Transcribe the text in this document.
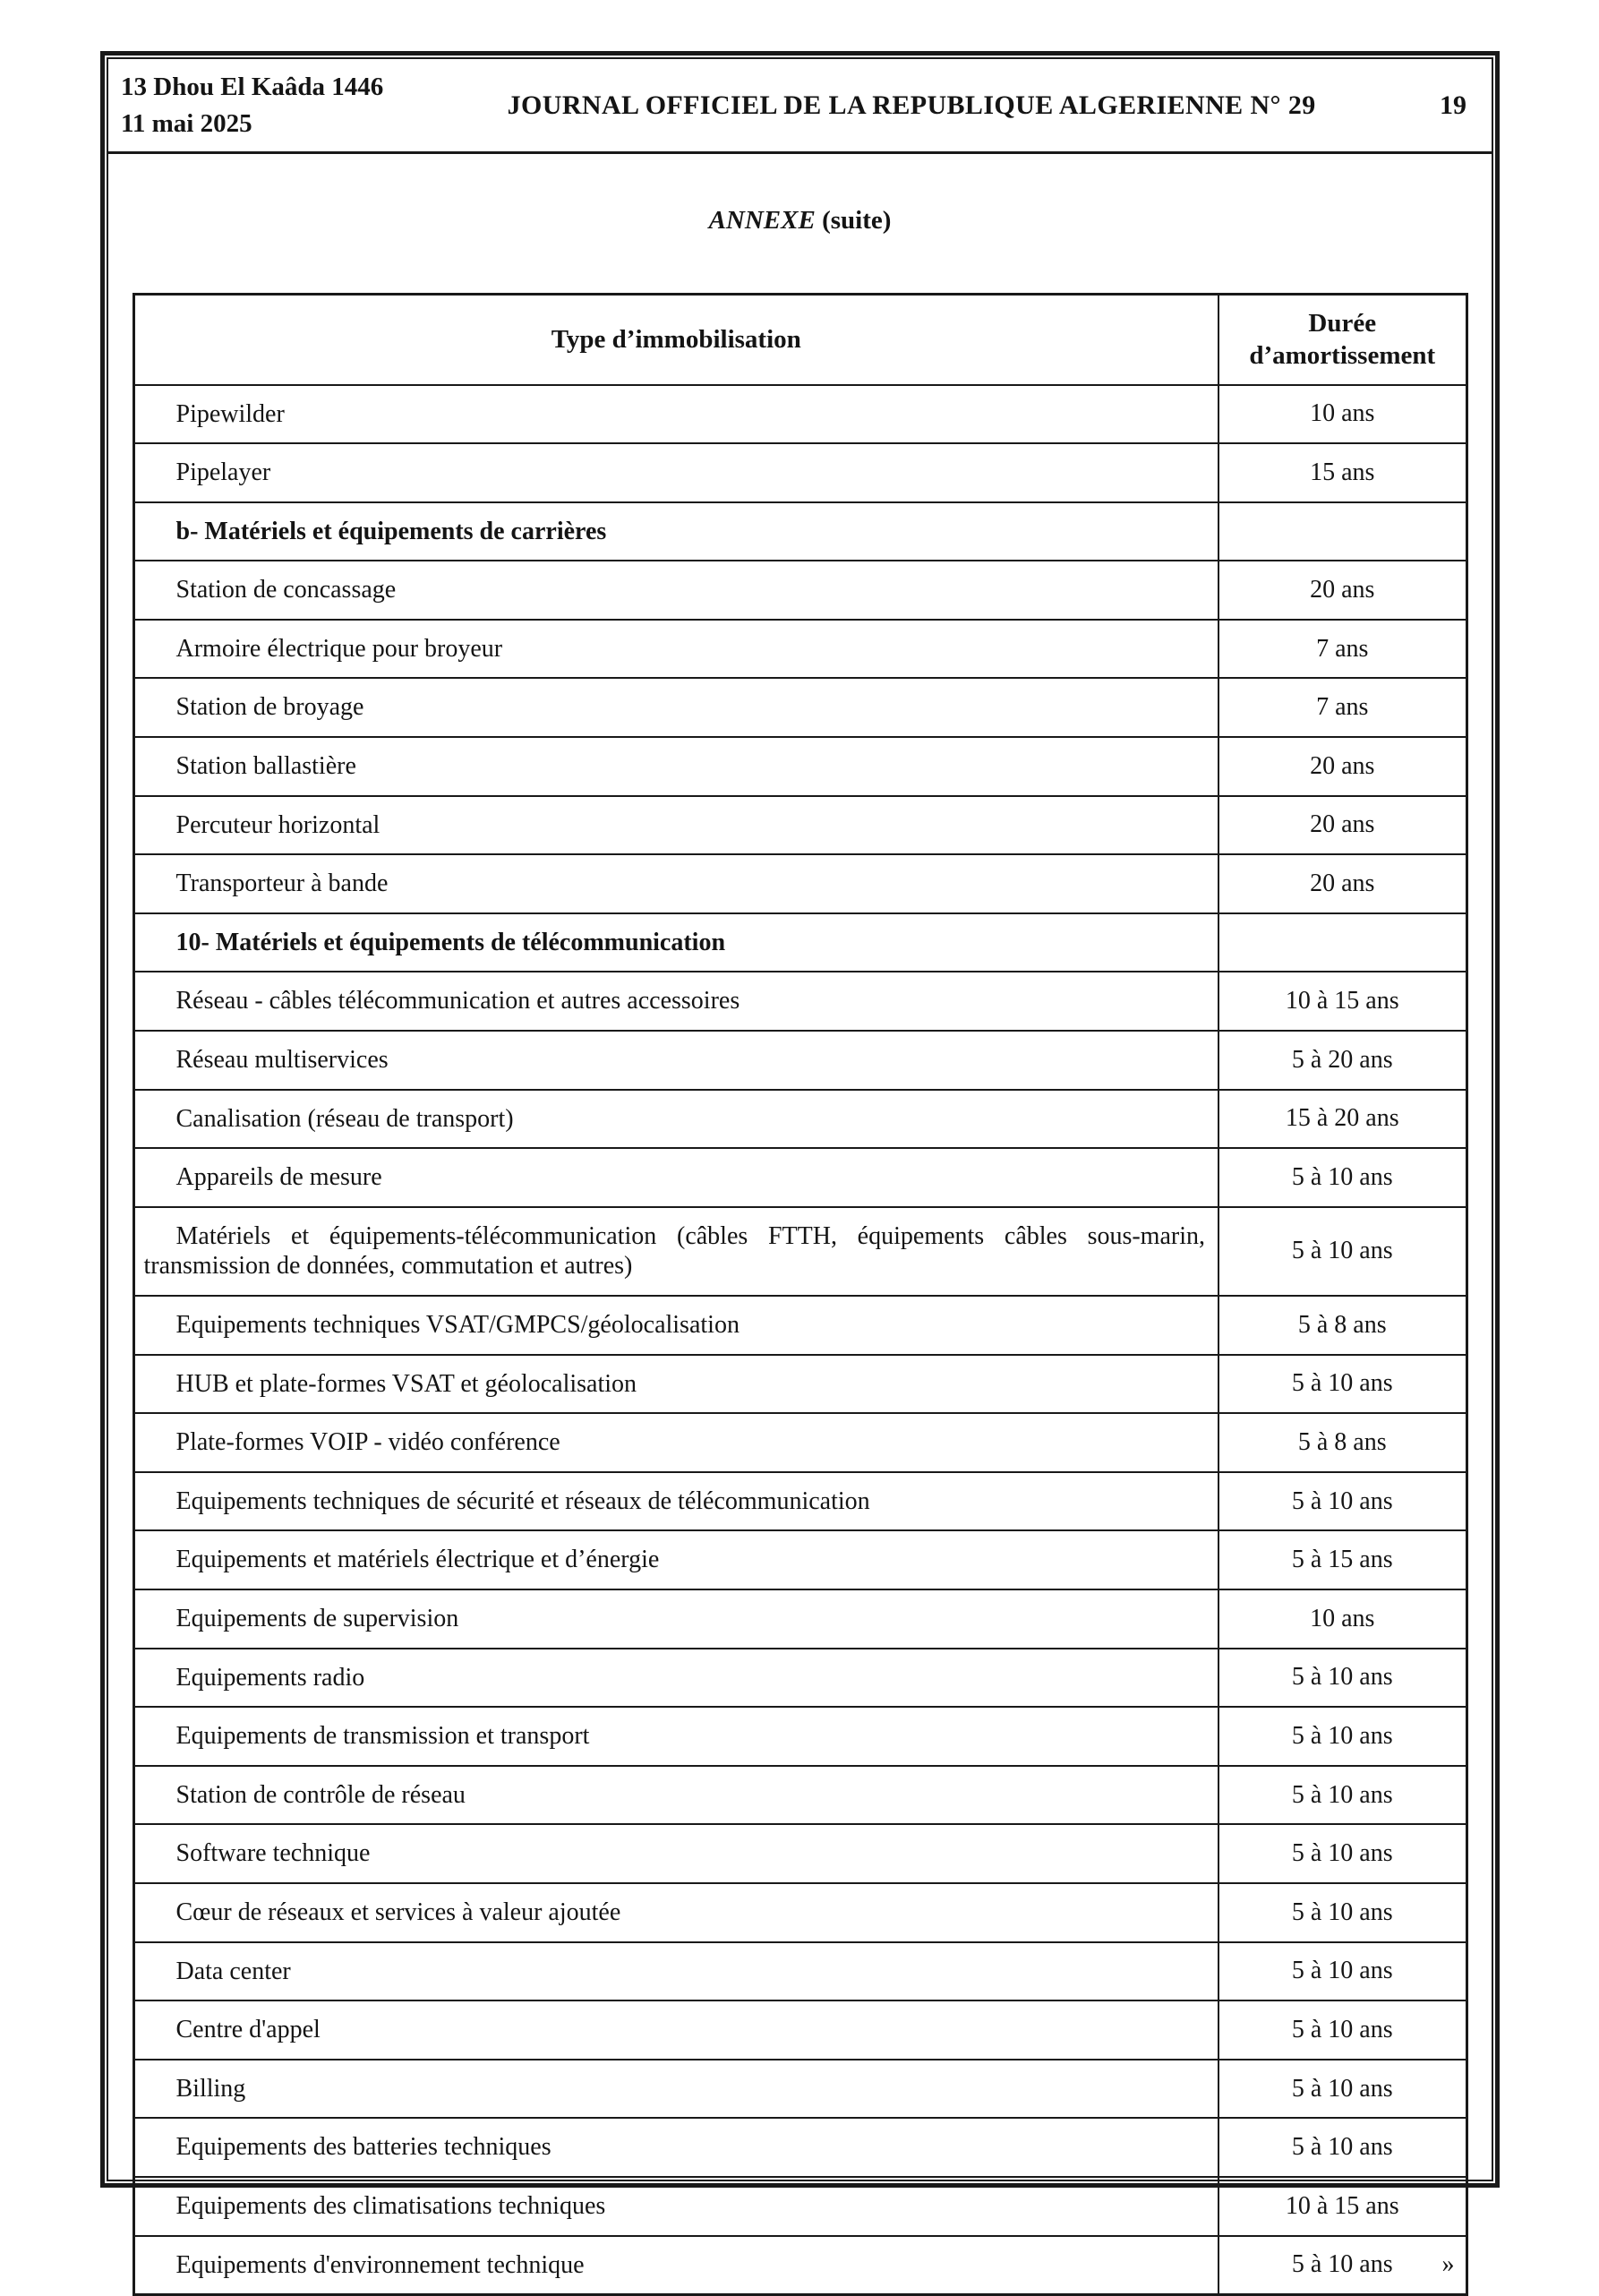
13 Dhou El Kaâda 1446
11 mai 2025
JOURNAL OFFICIEL DE LA REPUBLIQUE ALGERIENNE N° 29	19
ANNEXE (suite)
Type d’immobilisation	Durée d’amortissement
Pipewilder	10 ans
Pipelayer	15 ans
b- Matériels et équipements de carrières	
Station de concassage	20 ans
Armoire électrique pour broyeur	7 ans
Station de broyage	7 ans
Station ballastière	20 ans
Percuteur horizontal	20 ans
Transporteur à bande	20 ans
10- Matériels et équipements de télécommunication	
Réseau - câbles télécommunication et autres accessoires	10 à 15 ans
Réseau multiservices	5 à 20 ans
Canalisation (réseau de transport)	15 à 20 ans
Appareils de mesure	5 à 10 ans
Matériels et équipements-télécommunication (câbles FTTH, équipements câbles sous-marin, transmission de données, commutation et autres)	5 à 10 ans
Equipements techniques VSAT/GMPCS/géolocalisation	5 à 8 ans
HUB et plate-formes VSAT et géolocalisation	5 à 10 ans
Plate-formes VOIP - vidéo conférence	5 à 8 ans
Equipements techniques de sécurité et réseaux de télécommunication	5 à 10 ans
Equipements et matériels électrique et d’énergie	5 à 15 ans
Equipements de supervision	10 ans
Equipements radio	5 à 10 ans
Equipements de transmission et transport	5 à 10 ans
Station de contrôle de réseau	5 à 10 ans
Software technique	5 à 10 ans
Cœur de réseaux et services à valeur ajoutée	5 à 10 ans
Data center	5 à 10 ans
Centre d'appel	5 à 10 ans
Billing	5 à 10 ans
Equipements des batteries techniques	5 à 10 ans
Equipements des climatisations techniques	10 à 15 ans
Equipements d'environnement technique	5 à 10 ans »
